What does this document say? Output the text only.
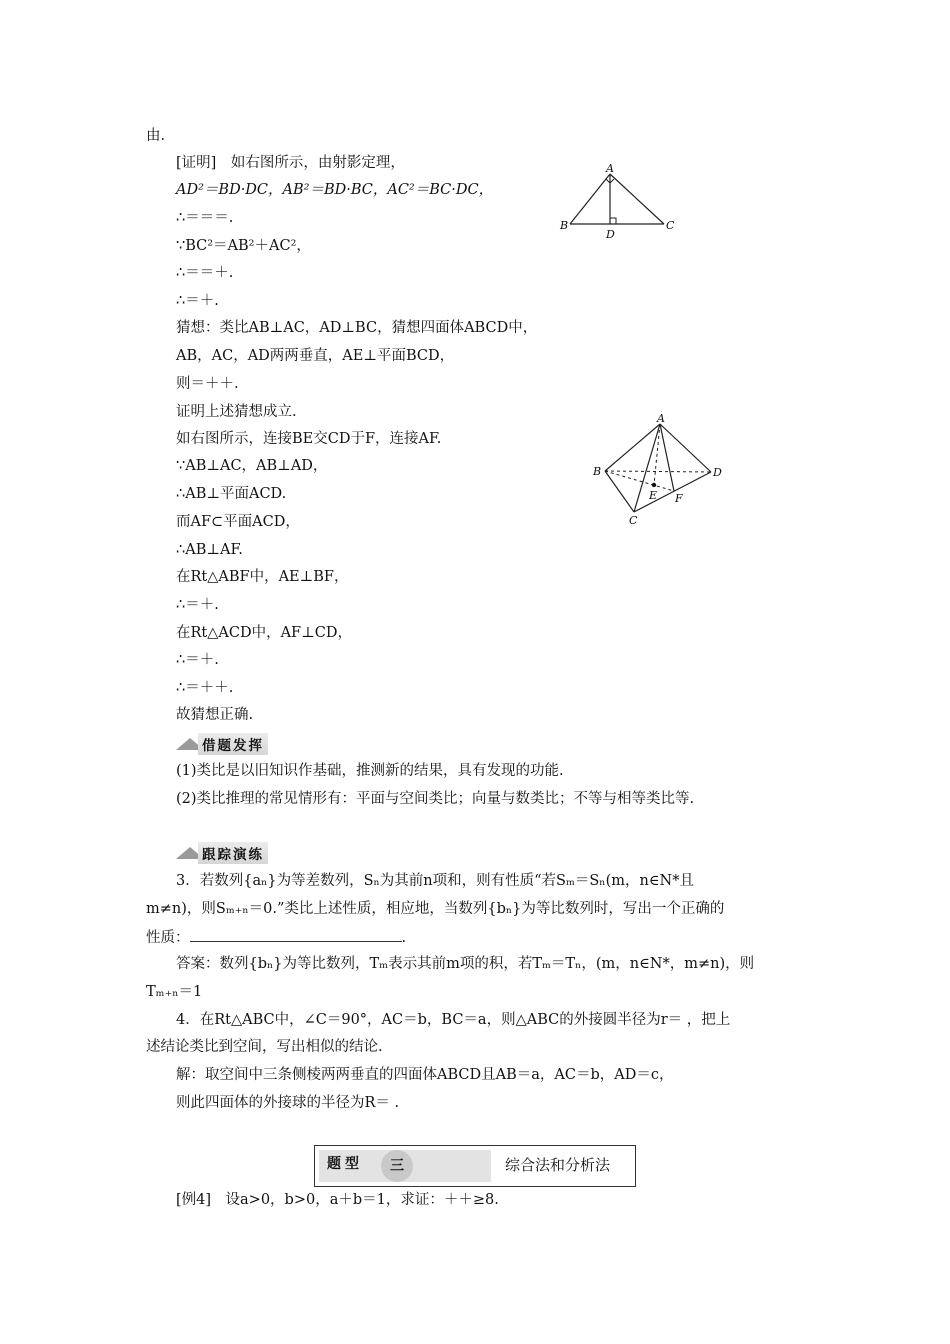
由．
[证明]　如右图所示，由射影定理，
AD²＝BD·DC，AB²＝BD·BC，AC²＝BC·DC，
∴＝＝＝.
∵BC²＝AB²＋AC²，
∴＝＝＋.
∴＝＋.
猜想：类比AB⊥AC，AD⊥BC，猜想四面体ABCD中，
AB，AC，AD两两垂直，AE⊥平面BCD，
则＝＋＋.
证明上述猜想成立.
如右图所示，连接BE交CD于F，连接AF.
∵AB⊥AC，AB⊥AD，
∴AB⊥平面ACD.
而AF⊂平面ACD，
∴AB⊥AF.
在Rt△ABF中，AE⊥BF，
∴＝＋.
在Rt△ACD中，AF⊥CD，
∴＝＋.
∴＝＋＋.
故猜想正确.
借题发挥
(1)类比是以旧知识作基础，推测新的结果，具有发现的功能.
(2)类比推理的常见情形有：平面与空间类比；向量与数类比；不等与相等类比等.
跟踪演练
3．若数列{aₙ}为等差数列，Sₙ为其前n项和，则有性质“若Sₘ＝Sₙ(m，n∈N*且
m≠n)，则Sₘ₊ₙ＝0.”类比上述性质，相应地，当数列{bₙ}为等比数列时，写出一个正确的
性质：	.
答案：数列{bₙ}为等比数列，Tₘ表示其前m项的积，若Tₘ＝Tₙ，(m，n∈N*，m≠n)，则
Tₘ₊ₙ＝1
4．在Rt△ABC中，∠C＝90°，AC＝b，BC＝a，则△ABC的外接圆半径为r＝ ，把上
述结论类比到空间，写出相似的结论.
解：取空间中三条侧棱两两垂直的四面体ABCD且AB＝a，AC＝b，AD＝c，
则此四面体的外接球的半径为R＝ .
题型	三	综合法和分析法
[例4]　设a>0，b>0，a＋b＝1，求证：＋＋≥8.
A
B	C
D
A
B	D
C
E F
